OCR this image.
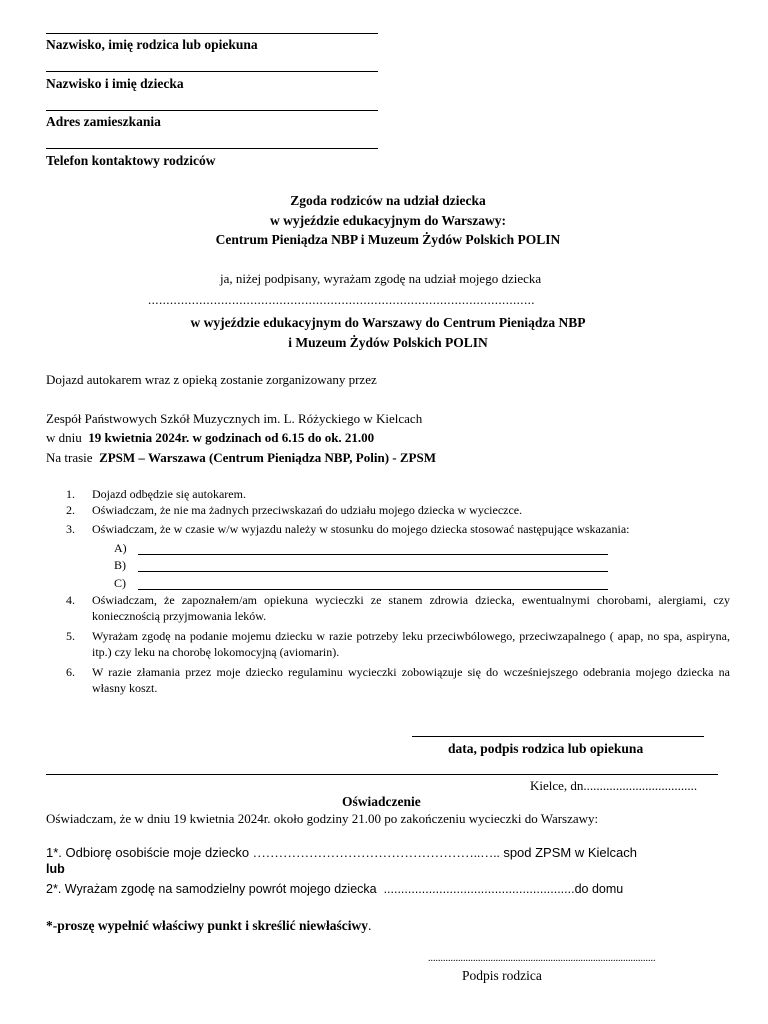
Nazwisko, imię rodzica lub opiekuna
Nazwisko i imię dziecka
Adres zamieszkania
Telefon kontaktowy rodziców
Zgoda rodziców na udział dziecka
w wyjeździe edukacyjnym do Warszawy:
Centrum Pieniądza NBP i Muzeum Żydów Polskich POLIN
ja, niżej podpisany, wyrażam zgodę na udział mojego dziecka
..........................................................................................................
w wyjeździe edukacyjnym do Warszawy do Centrum Pieniądza NBP
i Muzeum Żydów Polskich POLIN
Dojazd autokarem wraz z opieką zostanie zorganizowany przez
Zespół Państwowych Szkół Muzycznych im. L. Różyckiego w Kielcach
w dniu 19 kwietnia 2024r. w godzinach od 6.15 do ok. 21.00
Na trasie ZPSM – Warszawa (Centrum Pieniądza NBP, Polin) - ZPSM
1.	Dojazd odbędzie się autokarem.
2.	Oświadczam, że nie ma żadnych przeciwskazań do udziału mojego dziecka w wycieczce.
3.	Oświadczam, że w czasie w/w wyjazdu należy w stosunku do mojego dziecka stosować następujące wskazania:
A)
B)
C)
4.	Oświadczam, że zapoznałem/am opiekuna wycieczki ze stanem zdrowia dziecka, ewentualnymi chorobami, alergiami, czy koniecznością przyjmowania leków.
5.	Wyrażam zgodę na podanie mojemu dziecku w razie potrzeby leku przeciwbólowego, przeciwzapalnego ( apap, no spa, aspiryna, itp.) czy leku na chorobę lokomocyjną (aviomarin).
6.	W razie złamania przez moje dziecko regulaminu wycieczki zobowiązuje się do wcześniejszego odebrania mojego dziecka na własny koszt.
data, podpis rodzica lub opiekuna
Kielce, dn...................................
Oświadczenie
Oświadczam, że w dniu 19 kwietnia 2024r. około godziny 21.00 po zakończeniu wycieczki do Warszawy:
1*. Odbiorę osobiście moje dziecko ……………………………………………..….. spod ZPSM w Kielcach
lub
2*. Wyrażam zgodę na samodzielny powrót mojego dziecka .......................................................do domu
*-proszę wypełnić właściwy punkt i skreślić niewłaściwy.
...........................................................................................
Podpis rodzica
